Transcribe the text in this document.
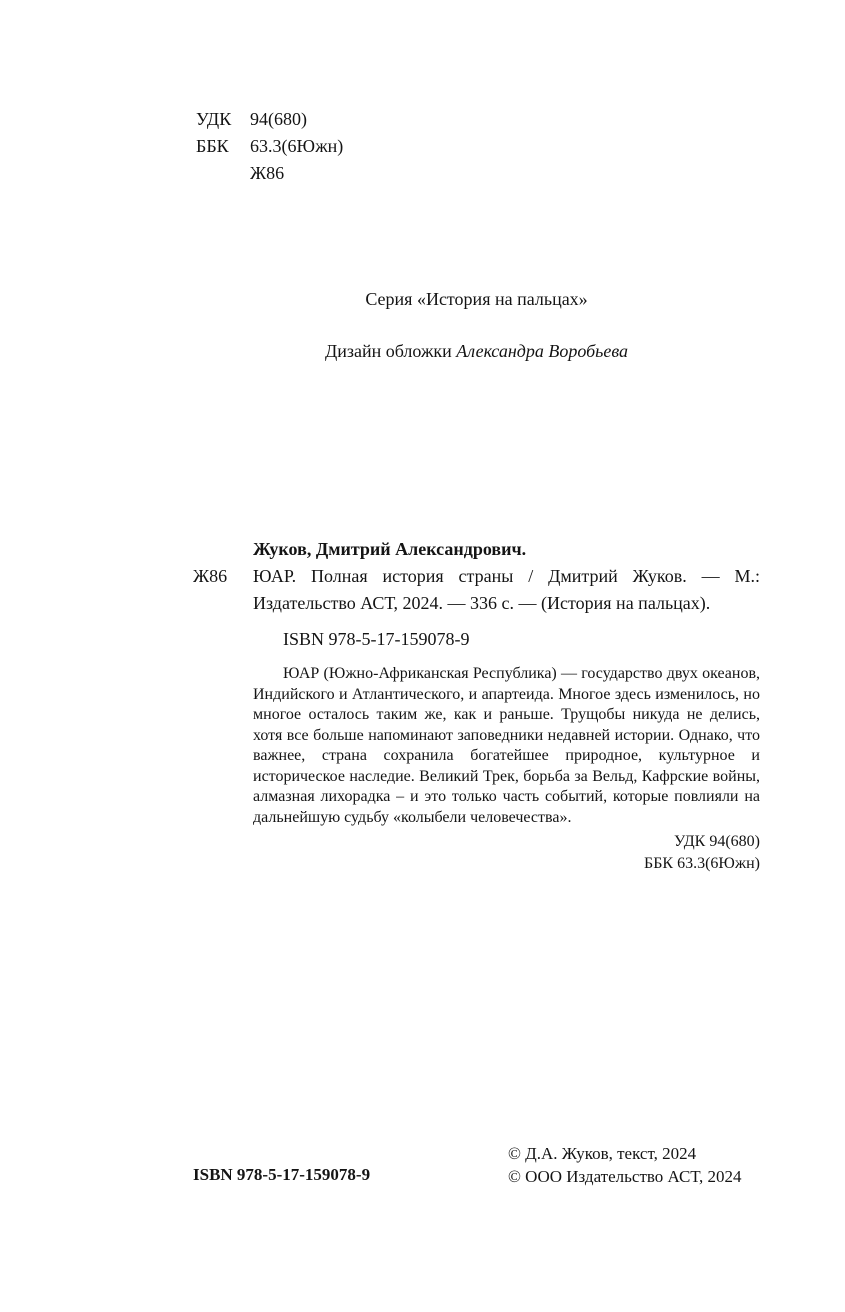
УДК 94(680)
ББК 63.3(6Южн)
Ж86
Серия «История на пальцах»
Дизайн обложки Александра Воробьева
Жуков, Дмитрий Александрович.
Ж86	ЮАР. Полная история страны / Дмитрий Жуков. — М.: Издательство АСТ, 2024. — 336 с. — (История на пальцах).
ISBN 978-5-17-159078-9
ЮАР (Южно-Африканская Республика) — государство двух океанов, Индийского и Атлантического, и апартеида. Многое здесь изменилось, но многое осталось таким же, как и раньше. Трущобы никуда не делись, хотя все больше напоминают заповедники недавней истории. Однако, что важнее, страна сохранила богатейшее природное, культурное и историческое наследие. Великий Трек, борьба за Вельд, Кафрские войны, алмазная лихорадка – и это только часть событий, которые повлияли на дальнейшую судьбу «колыбели человечества».
УДК 94(680)
ББК 63.3(6Южн)
© Д.А. Жуков, текст, 2024
© ООО Издательство АСТ, 2024
ISBN 978-5-17-159078-9
